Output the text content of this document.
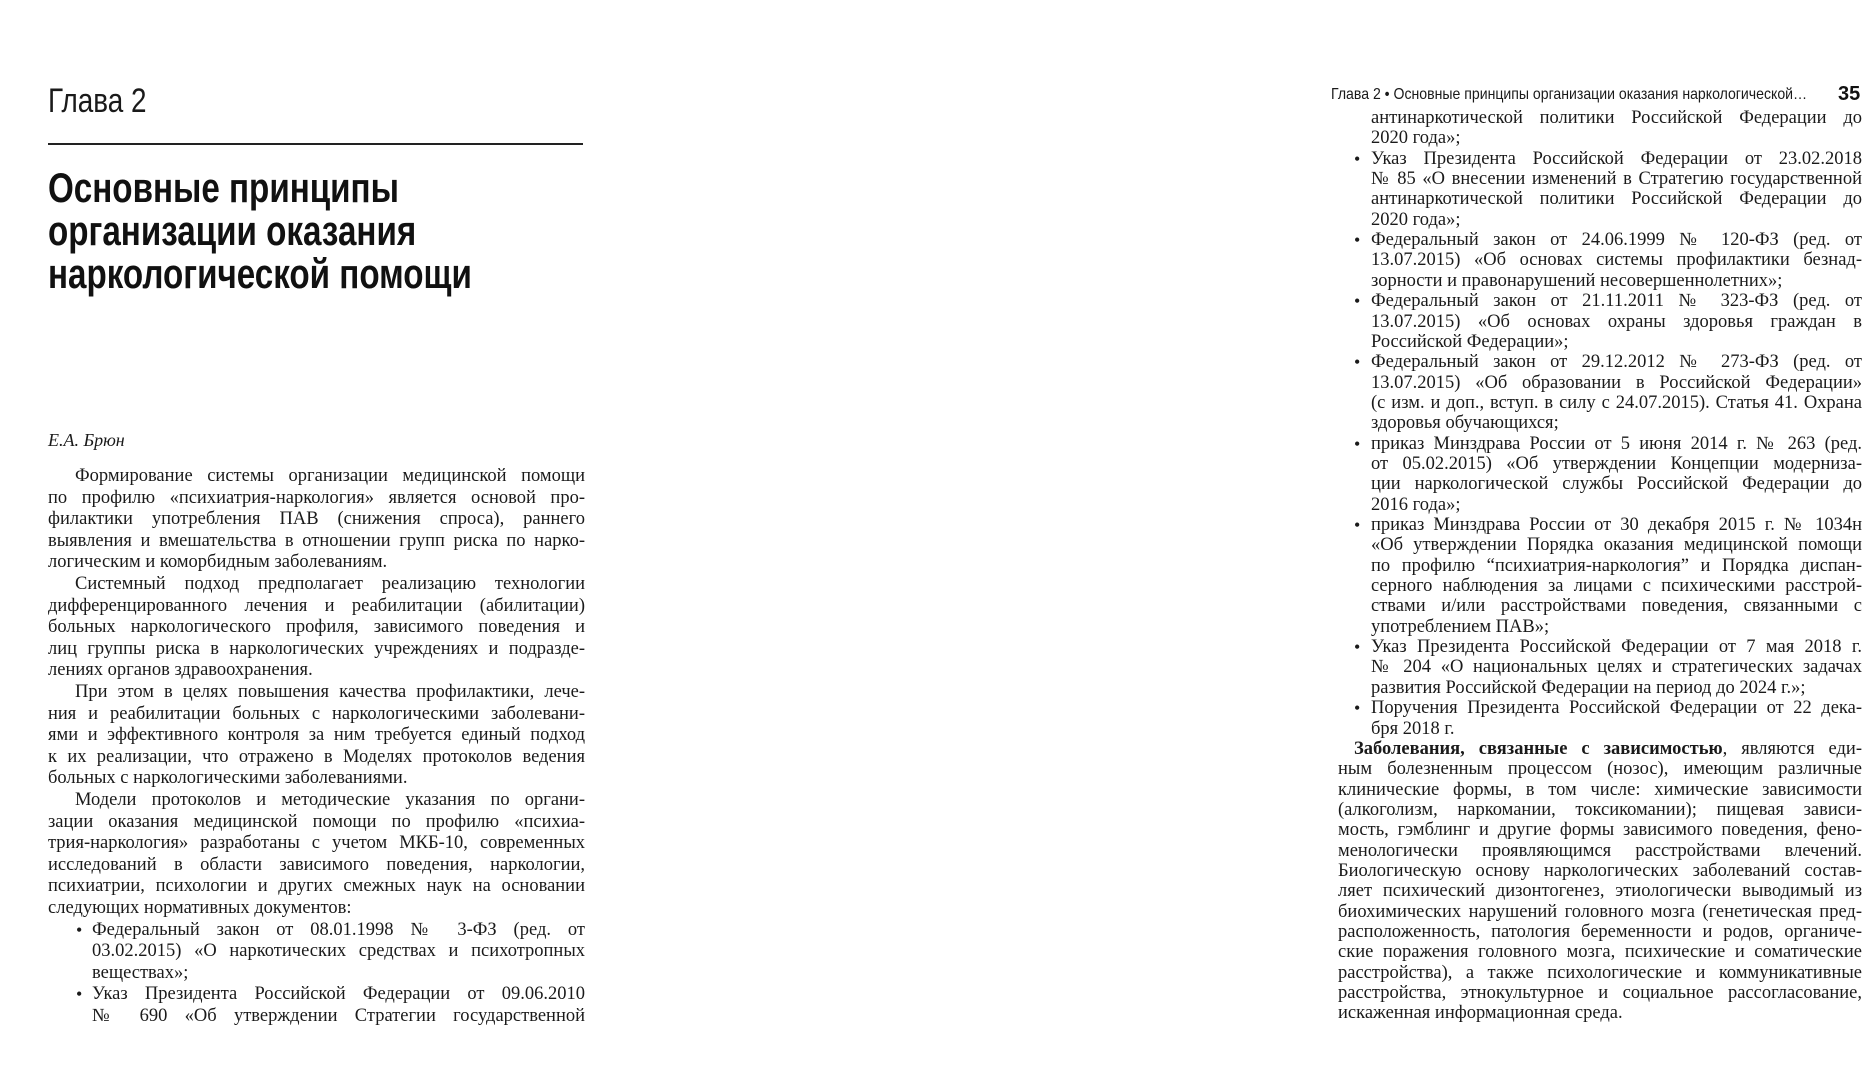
Глава 2
Основные принципы
организации оказания
наркологической помощи
Е.А. Брюн
Формирование системы организации медицинской помощи
по профилю «психиатрия-наркология» является основой про-
филактики употребления ПАВ (снижения спроса), раннего
выявления и вмешательства в отношении групп риска по нарко-
логическим и коморбидным заболеваниям.
Системный подход предполагает реализацию технологии
дифференцированного лечения и реабилитации (абилитации)
больных наркологического профиля, зависимого поведения и
лиц группы риска в наркологических учреждениях и подразде-
лениях органов здравоохранения.
При этом в целях повышения качества профилактики, лече-
ния и реабилитации больных с наркологическими заболевани-
ями и эффективного контроля за ним требуется единый подход
к их реализации, что отражено в Моделях протоколов ведения
больных с наркологическими заболеваниями.
Модели протоколов и методические указания по органи-
зации оказания медицинской помощи по профилю «психиа-
трия-наркология» разработаны с учетом МКБ-10, современных
исследований в области зависимого поведения, наркологии,
психиатрии, психологии и других смежных наук на основании
следующих нормативных документов:
• Федеральный закон от 08.01.1998 № 3-ФЗ (ред. от
03.02.2015) «О наркотических средствах и психотропных
веществах»;
• Указ Президента Российской Федерации от 09.06.2010
№ 690 «Об утверждении Стратегии государственной
Глава 2 • Основные принципы организации оказания наркологической…	35
антинаркотической политики Российской Федерации до
2020 года»;
• Указ Президента Российской Федерации от 23.02.2018
№ 85 «О внесении изменений в Стратегию государственной
антинаркотической политики Российской Федерации до
2020 года»;
• Федеральный закон от 24.06.1999 № 120-ФЗ (ред. от
13.07.2015) «Об основах системы профилактики безнад-
зорности и правонарушений несовершеннолетних»;
• Федеральный закон от 21.11.2011 № 323-ФЗ (ред. от
13.07.2015) «Об основах охраны здоровья граждан в
Российской Федерации»;
• Федеральный закон от 29.12.2012 № 273-ФЗ (ред. от
13.07.2015) «Об образовании в Российской Федерации»
(с изм. и доп., вступ. в силу с 24.07.2015). Статья 41. Охрана
здоровья обучающихся;
• приказ Минздрава России от 5 июня 2014 г. № 263 (ред.
от 05.02.2015) «Об утверждении Концепции модерниза-
ции наркологической службы Российской Федерации до
2016 года»;
• приказ Минздрава России от 30 декабря 2015 г. № 1034н
«Об утверждении Порядка оказания медицинской помощи
по профилю “психиатрия-наркология” и Порядка диспан-
серного наблюдения за лицами с психическими расстрой-
ствами и/или расстройствами поведения, связанными с
употреблением ПАВ»;
• Указ Президента Российской Федерации от 7 мая 2018 г.
№ 204 «О национальных целях и стратегических задачах
развития Российской Федерации на период до 2024 г.»;
• Поручения Президента Российской Федерации от 22 дека-
бря 2018 г.
Заболевания, связанные с зависимостью, являются еди-
ным болезненным процессом (нозос), имеющим различные
клинические формы, в том числе: химические зависимости
(алкоголизм, наркомании, токсикомании); пищевая зависи-
мость, гэмблинг и другие формы зависимого поведения, фено-
менологически проявляющимся расстройствами влечений.
Биологическую основу наркологических заболеваний состав-
ляет психический дизонтогенез, этиологически выводимый из
биохимических нарушений головного мозга (генетическая пред-
расположенность, патология беременности и родов, органиче-
ские поражения головного мозга, психические и соматические
расстройства), а также психологические и коммуникативные
расстройства, этнокультурное и социальное рассогласование,
искаженная информационная среда.
